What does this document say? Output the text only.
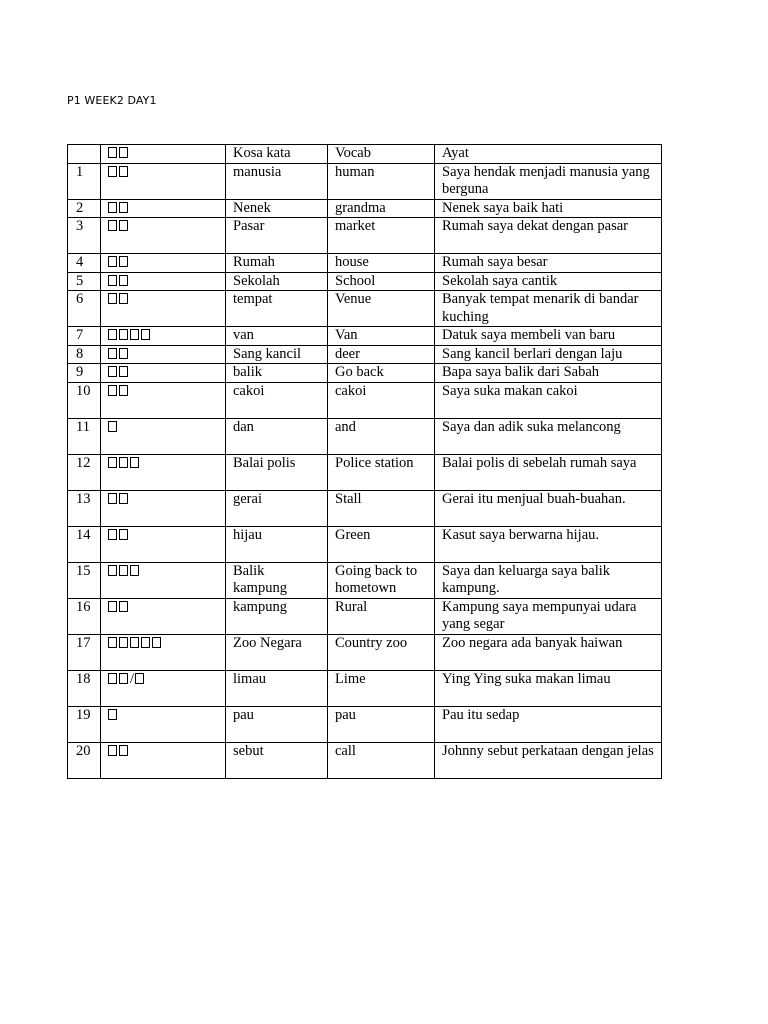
P1 WEEK2 DAY1
		Kosa kata	Vocab	Ayat
1		manusia	human	Saya hendak menjadi manusia yang berguna
2		Nenek	grandma	Nenek saya baik hati
3		Pasar	market	Rumah saya dekat dengan pasar
4		Rumah	house	Rumah saya besar
5		Sekolah	School	Sekolah saya cantik
6		tempat	Venue	Banyak tempat menarik di bandar kuching
7		van	Van	Datuk saya membeli van baru
8		Sang kancil	deer	Sang kancil berlari dengan laju
9		balik	Go back	Bapa saya balik dari Sabah
10		cakoi	cakoi	Saya suka makan cakoi
11		dan	and	Saya dan adik suka melancong
12		Balai polis	Police station	Balai polis di sebelah rumah saya
13		gerai	Stall	Gerai itu menjual buah-buahan.
14		hijau	Green	Kasut saya berwarna hijau.
15		Balik kampung	Going back to hometown	Saya dan keluarga saya balik kampung.
16		kampung	Rural	Kampung saya mempunyai udara yang segar
17		Zoo Negara	Country zoo	Zoo negara ada banyak haiwan
18	/	limau	Lime	Ying Ying suka makan limau
19		pau	pau	Pau itu sedap
20		sebut	call	Johnny sebut perkataan dengan jelas
